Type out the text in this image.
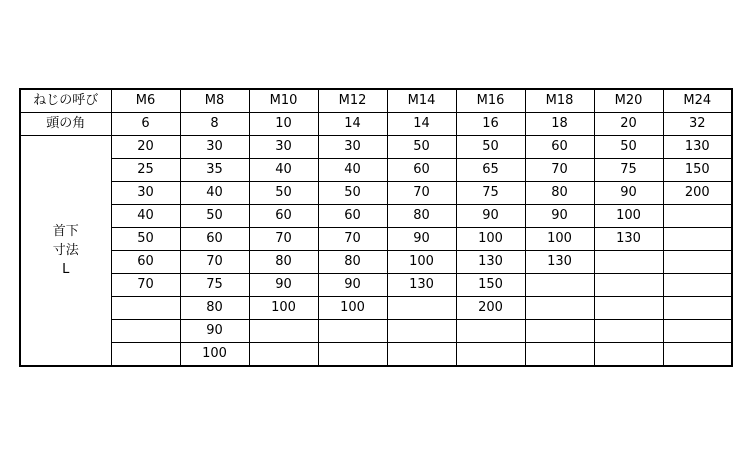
ねじの呼び	M6	M8	M10	M12	M14	M16	M18	M20	M24
頭の角	6	8	10	14	14	16	18	20	32

首下
寸法
L	20	30	30	30	50	50	60	50	130
	25	35	40	40	60	65	70	75	150
	30	40	50	50	70	75	80	90	200
	40	50	60	60	80	90	90	100	
	50	60	70	70	90	100	100	130	
	60	70	80	80	100	130	130		
	70	75	90	90	130	150			
		80	100	100		200			
		90							
		100							
